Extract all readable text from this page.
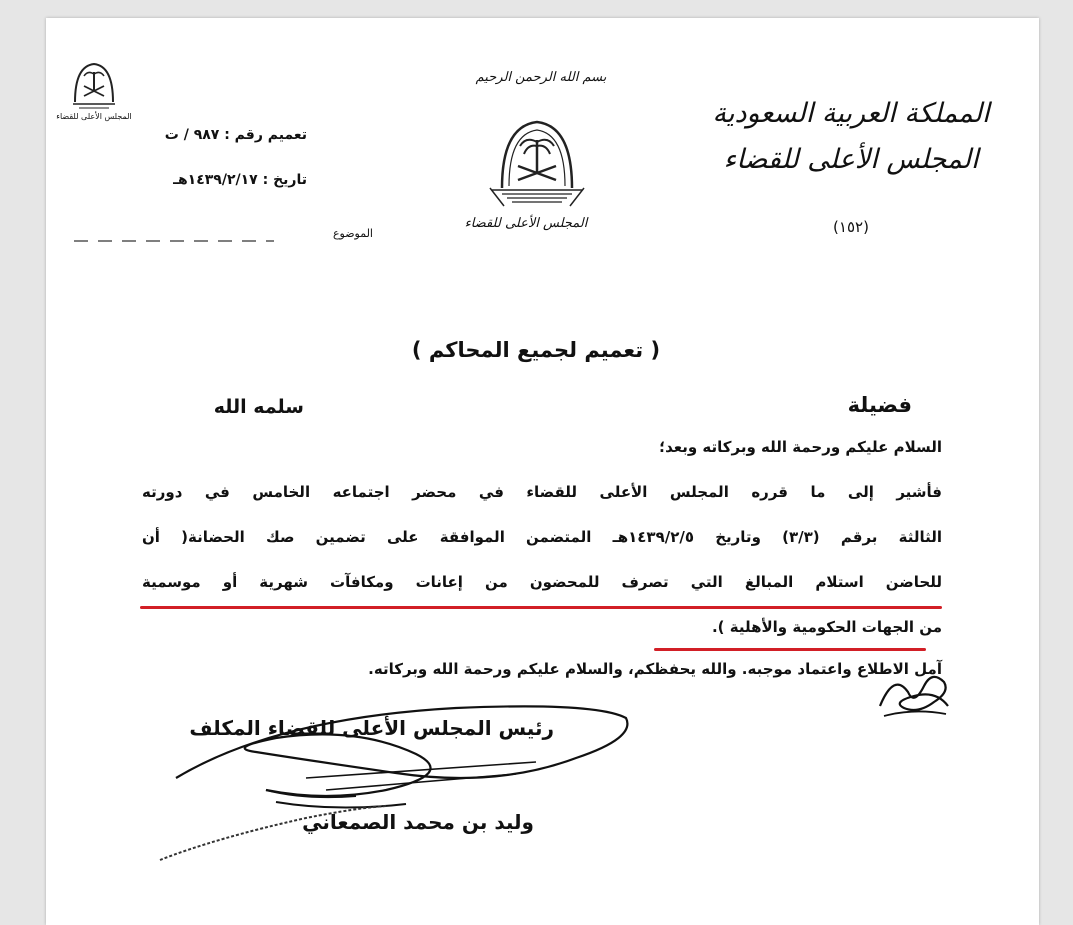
المملكة العربية السعودية
المجلس الأعلى للقضاء
(١٥٢)
بسم الله الرحمن الرحيم
المجلس الأعلى للقضاء
المجلس الأعلى للقضاء
تعميم رقم : ٩٨٧ / ت
تاريخ : ١٤٣٩/٢/١٧هـ
الموضوع
( تعميم لجميع المحاكم )
فضيلة
سلمه الله
السلام عليكم ورحمة الله وبركاته وبعد؛
فأشير إلى ما قرره المجلس الأعلى للقضاء في محضر اجتماعه الخامس في دورته
الثالثة برقم (٣/٣) وتاريخ ١٤٣٩/٢/٥هـ المتضمن الموافقة على تضمين صك الحضانة( أن
للحاضن استلام المبالغ التي تصرف للمحضون من إعانات ومكافآت شهرية أو موسمية
من الجهات الحكومية والأهلية ).
آمل الاطلاع واعتماد موجبه. والله يحفظكم، والسلام عليكم ورحمة الله وبركاته.
رئيس المجلس الأعلى للقضاء المكلف
وليد بن محمد الصمعاني
